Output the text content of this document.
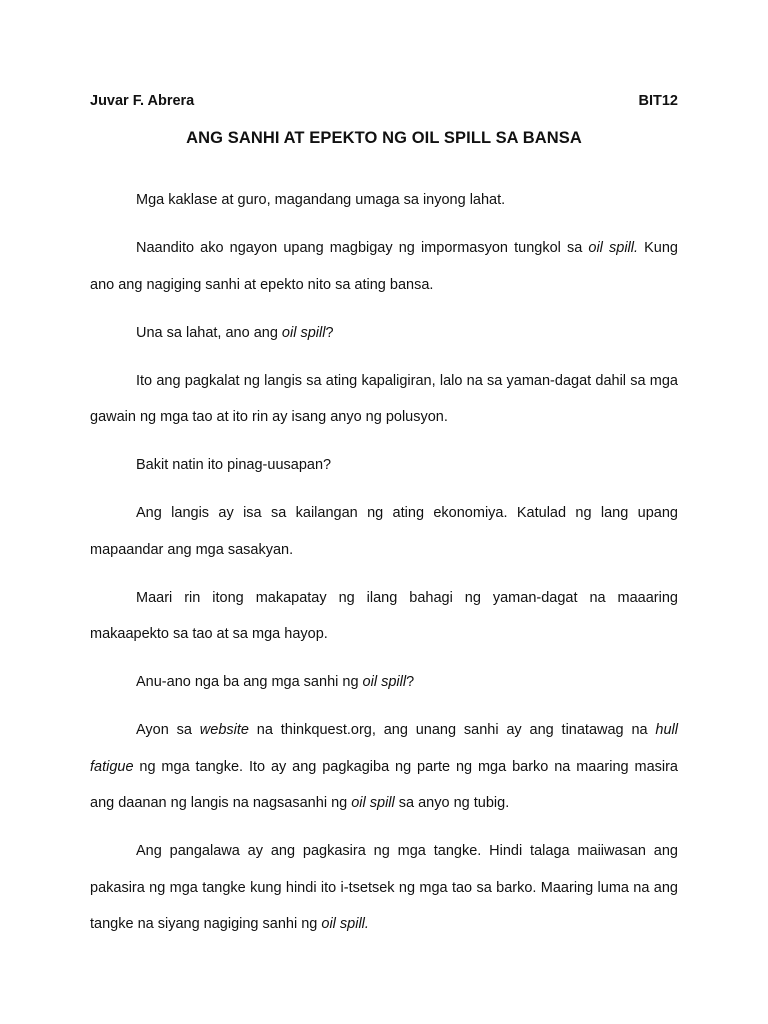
Juvar F. Abrera	BIT12
ANG SANHI AT EPEKTO NG OIL SPILL SA BANSA

Mga kaklase at guro, magandang umaga sa inyong lahat.

Naandito ako ngayon upang magbigay ng impormasyon tungkol sa oil spill. Kung ano ang nagiging sanhi at epekto nito sa ating bansa.

Una sa lahat, ano ang oil spill?

Ito ang pagkalat ng langis sa ating kapaligiran, lalo na sa yaman-dagat dahil sa mga gawain ng mga tao at ito rin ay isang anyo ng polusyon.

Bakit natin ito pinag-uusapan?

Ang langis ay isa sa kailangan ng ating ekonomiya. Katulad ng lang upang mapaandar ang mga sasakyan.

Maari rin itong makapatay ng ilang bahagi ng yaman-dagat na maaaring makaapekto sa tao at sa mga hayop.

Anu-ano nga ba ang mga sanhi ng oil spill?

Ayon sa website na thinkquest.org, ang unang sanhi ay ang tinatawag na hull fatigue ng mga tangke. Ito ay ang pagkagiba ng parte ng mga barko na maaring masira ang daanan ng langis na nagsasanhi ng oil spill sa anyo ng tubig.

Ang pangalawa ay ang pagkasira ng mga tangke. Hindi talaga maiiwasan ang pakasira ng mga tangke kung hindi ito i-tsetsek ng mga tao sa barko. Maaring luma na ang tangke na siyang nagiging sanhi ng oil spill.
